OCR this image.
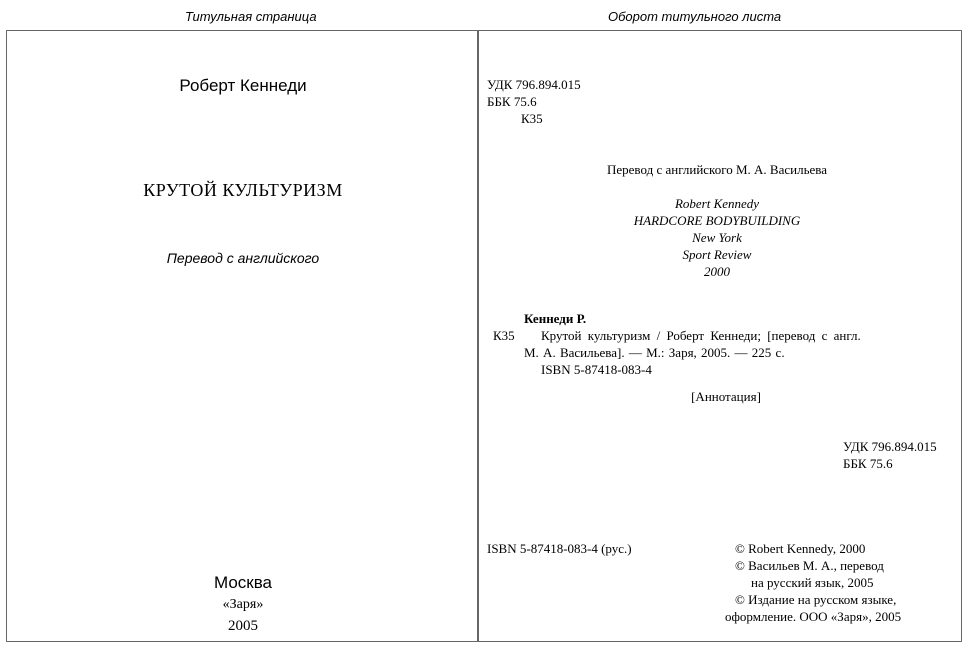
Титульная страница	Оборот титульного листа
Роберт Кеннеди
КРУТОЙ КУЛЬТУРИЗМ
Перевод с английского
Москва
«Заря»
2005
УДК 796.894.015
ББК 75.6
К35
Перевод с английского М. А. Васильева
Robert Kennedy
HARDCORE BODYBUILDING
New York
Sport Review
2000
Кеннеди Р.
К35 Крутой культуризм / Роберт Кеннеди; [перевод с англ.
М. А. Васильева]. — М.: Заря, 2005. — 225 с.
ISBN 5-87418-083-4
[Аннотация]
УДК 796.894.015
ББК 75.6
ISBN 5-87418-083-4 (рус.)	© Robert Kennedy, 2000
© Васильев М. А., перевод
на русский язык, 2005
© Издание на русском языке,
оформление. ООО «Заря», 2005
